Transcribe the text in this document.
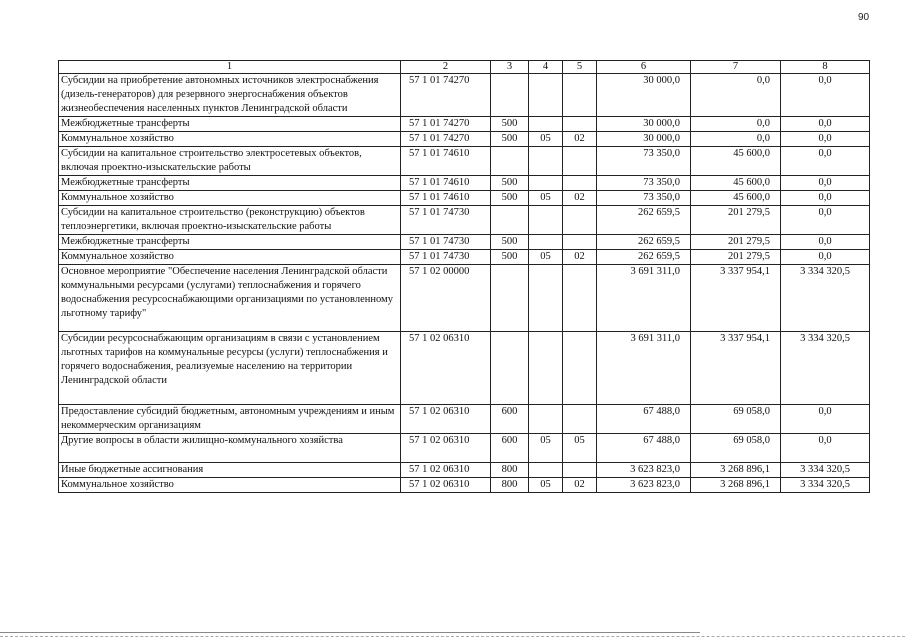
90
1	2	3	4	5	6	7	8
Субсидии на приобретение автономных источников электроснабжения (дизель-генераторов) для резервного энергоснабжения объектов жизнеобеспечения населенных пунктов Ленинградской области	57 1 01 74270				30 000,0	0,0	0,0
Межбюджетные трансферты	57 1 01 74270	500			30 000,0	0,0	0,0
Коммунальное хозяйство	57 1 01 74270	500	05	02	30 000,0	0,0	0,0
Субсидии на капитальное строительство электросетевых объектов, включая проектно-изыскательские работы	57 1 01 74610				73 350,0	45 600,0	0,0
Межбюджетные трансферты	57 1 01 74610	500			73 350,0	45 600,0	0,0
Коммунальное хозяйство	57 1 01 74610	500	05	02	73 350,0	45 600,0	0,0
Субсидии на капитальное строительство (реконструкцию) объектов теплоэнергетики, включая проектно-изыскательские работы	57 1 01 74730				262 659,5	201 279,5	0,0
Межбюджетные трансферты	57 1 01 74730	500			262 659,5	201 279,5	0,0
Коммунальное хозяйство	57 1 01 74730	500	05	02	262 659,5	201 279,5	0,0
Основное мероприятие "Обеспечение населения Ленинградской области коммунальными ресурсами (услугами) теплоснабжения и горячего водоснабжения ресурсоснабжающими организациями по установленному льготному тарифу"	57 1 02 00000				3 691 311,0	3 337 954,1	3 334 320,5
Субсидии ресурсоснабжающим организациям в связи с установлением льготных тарифов на коммунальные ресурсы (услуги) теплоснабжения и горячего водоснабжения, реализуемые населению на территории Ленинградской области	57 1 02 06310				3 691 311,0	3 337 954,1	3 334 320,5
Предоставление субсидий бюджетным, автономным учреждениям и иным некоммерческим организациям	57 1 02 06310	600			67 488,0	69 058,0	0,0
Другие вопросы в области жилищно-коммунального хозяйства	57 1 02 06310	600	05	05	67 488,0	69 058,0	0,0
Иные бюджетные ассигнования	57 1 02 06310	800			3 623 823,0	3 268 896,1	3 334 320,5
Коммунальное хозяйство	57 1 02 06310	800	05	02	3 623 823,0	3 268 896,1	3 334 320,5
